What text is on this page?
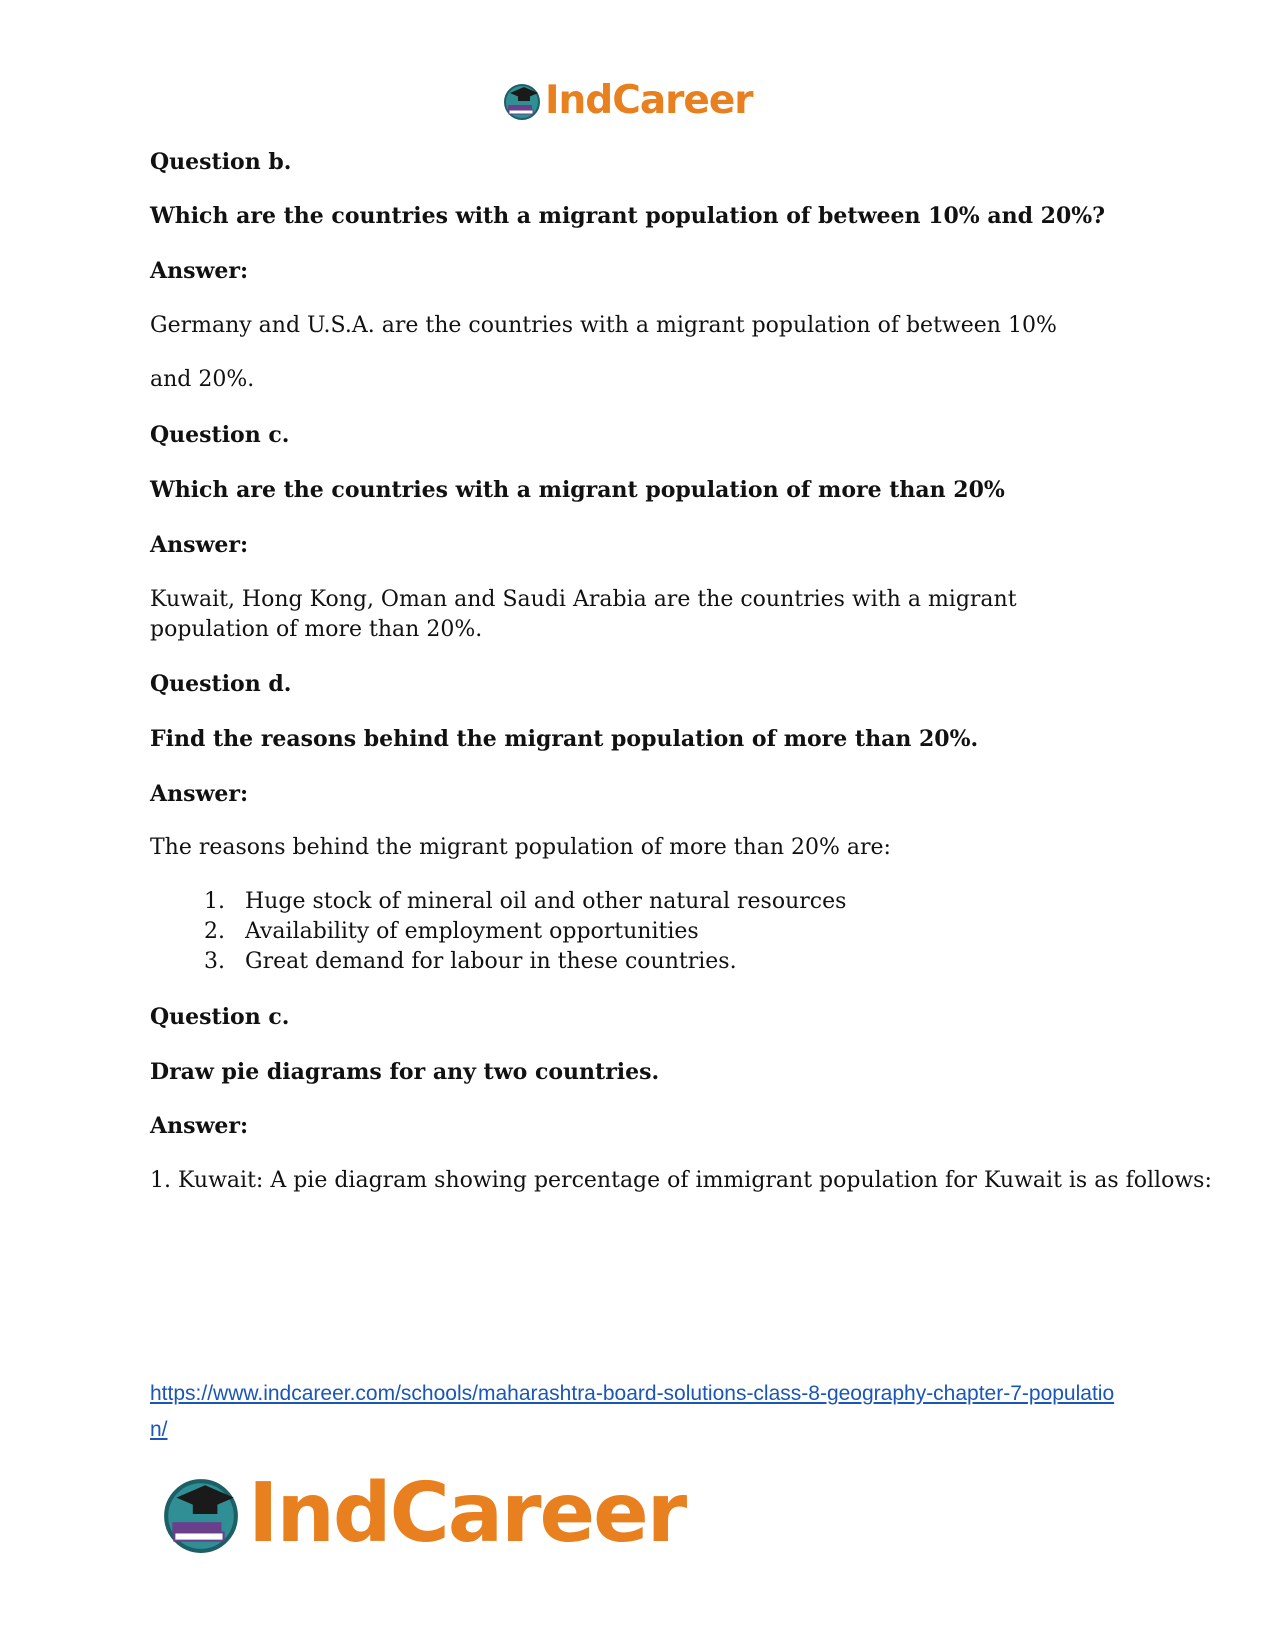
IndCareer
Question b.
Which are the countries with a migrant population of between 10% and 20%?
Answer:
Germany and U.S.A. are the countries with a migrant population of between 10%
and 20%.
Question c.
Which are the countries with a migrant population of more than 20%
Answer:
Kuwait, Hong Kong, Oman and Saudi Arabia are the countries with a migrant population of more than 20%.
Question d.
Find the reasons behind the migrant population of more than 20%.
Answer:
The reasons behind the migrant population of more than 20% are:
1. Huge stock of mineral oil and other natural resources
2. Availability of employment opportunities
3. Great demand for labour in these countries.
Question c.
Draw pie diagrams for any two countries.
Answer:
1. Kuwait: A pie diagram showing percentage of immigrant population for Kuwait is as follows:
https://www.indcareer.com/schools/maharashtra-board-solutions-class-8-geography-chapter-7-population/
IndCareer
